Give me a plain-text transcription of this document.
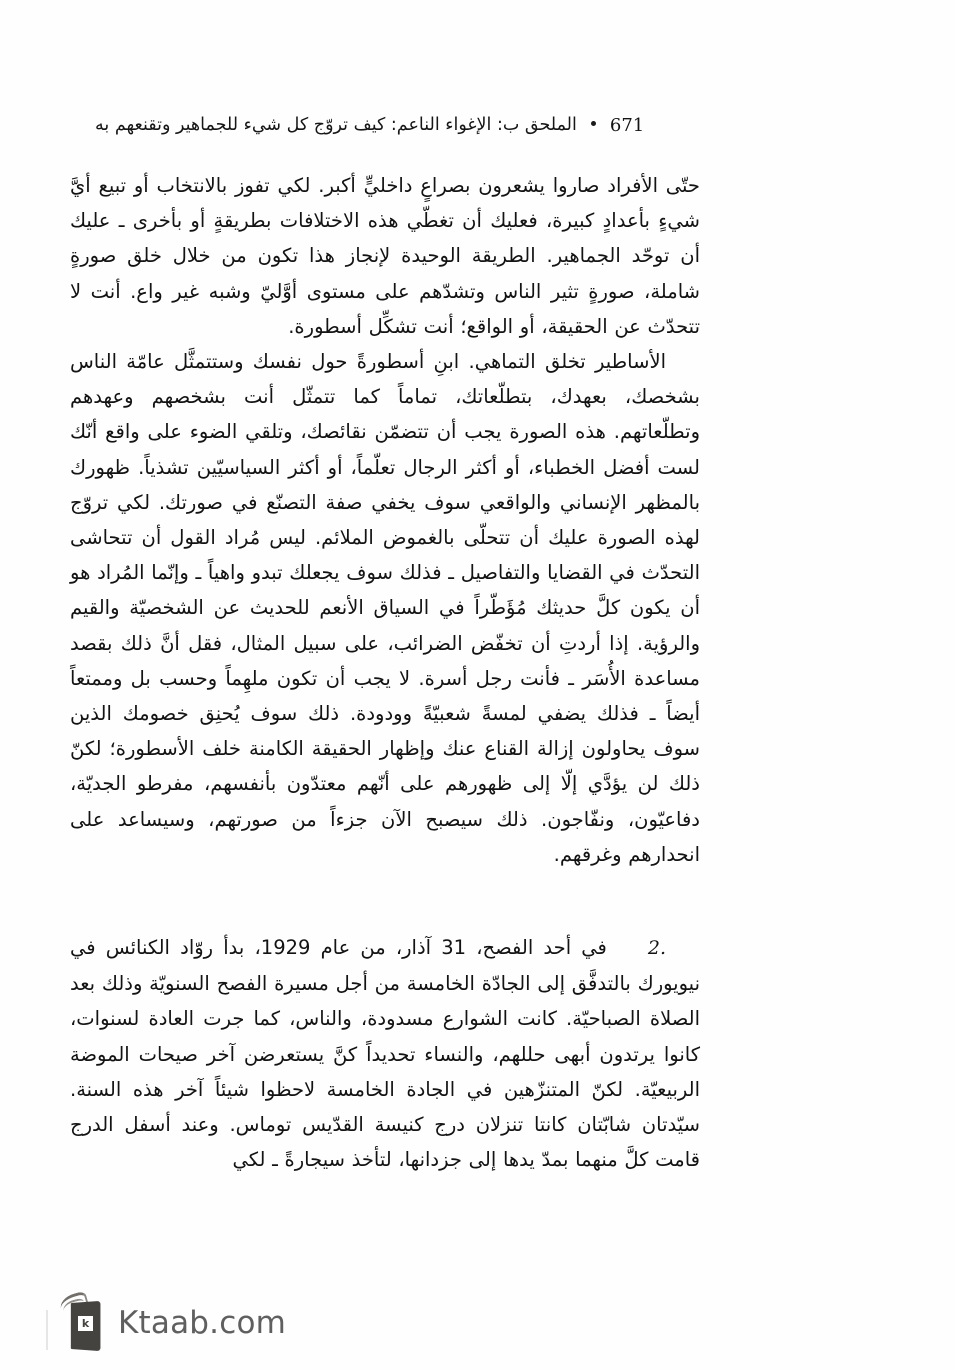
الملحق ب: الإغواء الناعم: كيف تروّج كل شيء للجماهير وتقنعهم به 671

حتّى الأفراد صاروا يشعرون بصراعٍ داخليٍّ أكبر. لكي تفوز بالانتخاب أو تبيع أيَّ شيءٍ بأعدادٍ كبيرة، فعليك أن تغطّي هذه الاختلافات بطريقةٍ أو بأخرى ـ عليك أن توحّد الجماهير. الطريقة الوحيدة لإنجاز هذا تكون من خلال خلق صورةٍ شاملة، صورةٍ تثير الناس وتشدّهم على مستوى أوَّليّ وشبه غير واع. أنت لا تتحدّث عن الحقيقة، أو الواقع؛ أنت تشكِّل أسطورة.

الأساطير تخلق التماهي. ابنِ أسطورةً حول نفسك وستتمثَّل عامّة الناس بشخصك، بعهدك، بتطلّعاتك، تماماً كما تتمثّل أنت بشخصهم وعهدهم وتطلّعاتهم. هذه الصورة يجب أن تتضمّن نقائصك، وتلقي الضوء على واقع أنّك لست أفضل الخطباء، أو أكثر الرجال تعلّماً، أو أكثر السياسيّين تشذياً. ظهورك بالمظهر الإنساني والواقعي سوف يخفي صفة التصنّع في صورتك. لكي تروّج لهذه الصورة عليك أن تتحلّى بالغموض الملائم. ليس مُراد القول أن تتحاشى التحدّث في القضايا والتفاصيل ـ فذلك سوف يجعلك تبدو واهياً ـ وإنّما المُراد هو أن يكون كلَّ حديثك مُؤَطّراً في السياق الأنعم للحديث عن الشخصيّة والقيم والرؤية. إذا أردتِ أن تخفّض الضرائب، على سبيل المثال، فقل أنَّ ذلك بقصد مساعدة الأُسَر ـ فأنت رجل أسرة. لا يجب أن تكون ملهِماً وحسب بل وممتعاً أيضاً ـ فذلك يضفي لمسةً شعبيّةً وودودة. ذلك سوف يُحنِق خصومك الذين سوف يحاولون إزالة القناع عنك وإظهار الحقيقة الكامنة خلف الأسطورة؛ لكنّ ذلك لن يؤدَّي إلّا إلى ظهورهم على أنّهم معتدّون بأنفسهم، مفرطو الجديّة، دفاعيّون، ونفّاجون. ذلك سيصبح الآن جزءاً من صورتهم، وسيساعد على انحدارهم وغرقهم.

2.في أحد الفصح، 31 آذار، من عام 1929، بدأ روّاد الكنائس في نيويورك بالتدفَّق إلى الجادّة الخامسة من أجل مسيرة الفصح السنويّة وذلك بعد الصلاة الصباحيّة. كانت الشوارع مسدودة، والناس، كما جرت العادة لسنوات، كانوا يرتدون أبهى حللهم، والنساء تحديداً كنَّ يستعرضن آخر صيحات الموضة الربيعيّة. لكنّ المتنزّهين في الجادة الخامسة لاحظوا شيئاً آخر هذه السنة. سيّدتان شابّتان كانتا تنزلان درج كنيسة القدّيس توماس. وعند أسفل الدرج قامت كلَّ منهما بمدّ يدها إلى جزدانها، لتأخذ سيجارةً ـ لكي

k Ktaab.com
